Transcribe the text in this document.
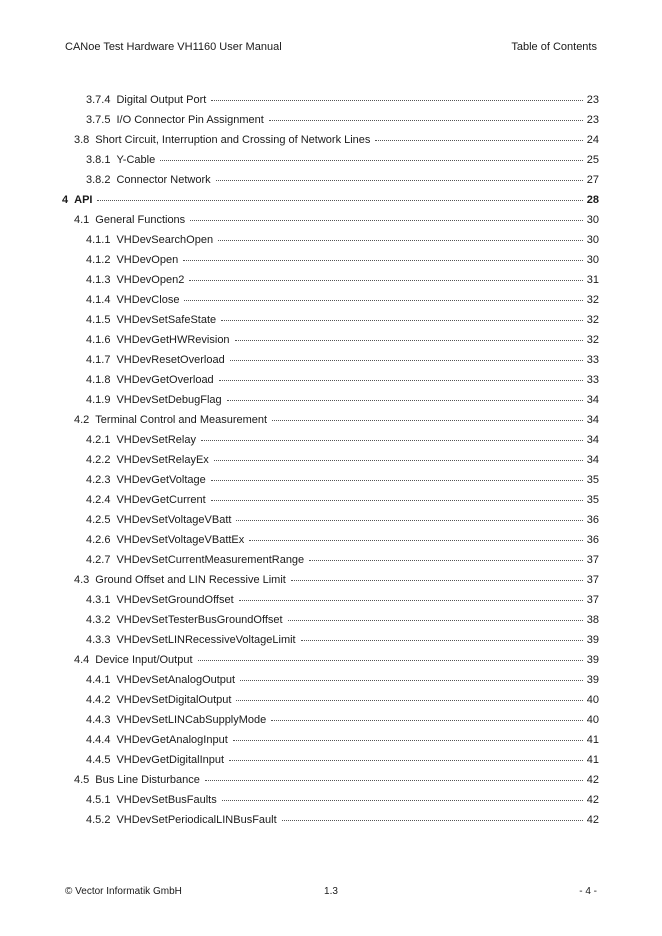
CANoe Test Hardware VH1160 User Manual	Table of Contents
3.7.4 Digital Output Port	23
3.7.5 I/O Connector Pin Assignment	23
3.8 Short Circuit, Interruption and Crossing of Network Lines	24
3.8.1 Y-Cable	25
3.8.2 Connector Network	27
4 API	28
4.1 General Functions	30
4.1.1 VHDevSearchOpen	30
4.1.2 VHDevOpen	30
4.1.3 VHDevOpen2	31
4.1.4 VHDevClose	32
4.1.5 VHDevSetSafeState	32
4.1.6 VHDevGetHWRevision	32
4.1.7 VHDevResetOverload	33
4.1.8 VHDevGetOverload	33
4.1.9 VHDevSetDebugFlag	34
4.2 Terminal Control and Measurement	34
4.2.1 VHDevSetRelay	34
4.2.2 VHDevSetRelayEx	34
4.2.3 VHDevGetVoltage	35
4.2.4 VHDevGetCurrent	35
4.2.5 VHDevSetVoltageVBatt	36
4.2.6 VHDevSetVoltageVBattEx	36
4.2.7 VHDevSetCurrentMeasurementRange	37
4.3 Ground Offset and LIN Recessive Limit	37
4.3.1 VHDevSetGroundOffset	37
4.3.2 VHDevSetTesterBusGroundOffset	38
4.3.3 VHDevSetLINRecessiveVoltageLimit	39
4.4 Device Input/Output	39
4.4.1 VHDevSetAnalogOutput	39
4.4.2 VHDevSetDigitalOutput	40
4.4.3 VHDevSetLINCabSupplyMode	40
4.4.4 VHDevGetAnalogInput	41
4.4.5 VHDevGetDigitalInput	41
4.5 Bus Line Disturbance	42
4.5.1 VHDevSetBusFaults	42
4.5.2 VHDevSetPeriodicalLINBusFault	42
© Vector Informatik GmbH	1.3	- 4 -
